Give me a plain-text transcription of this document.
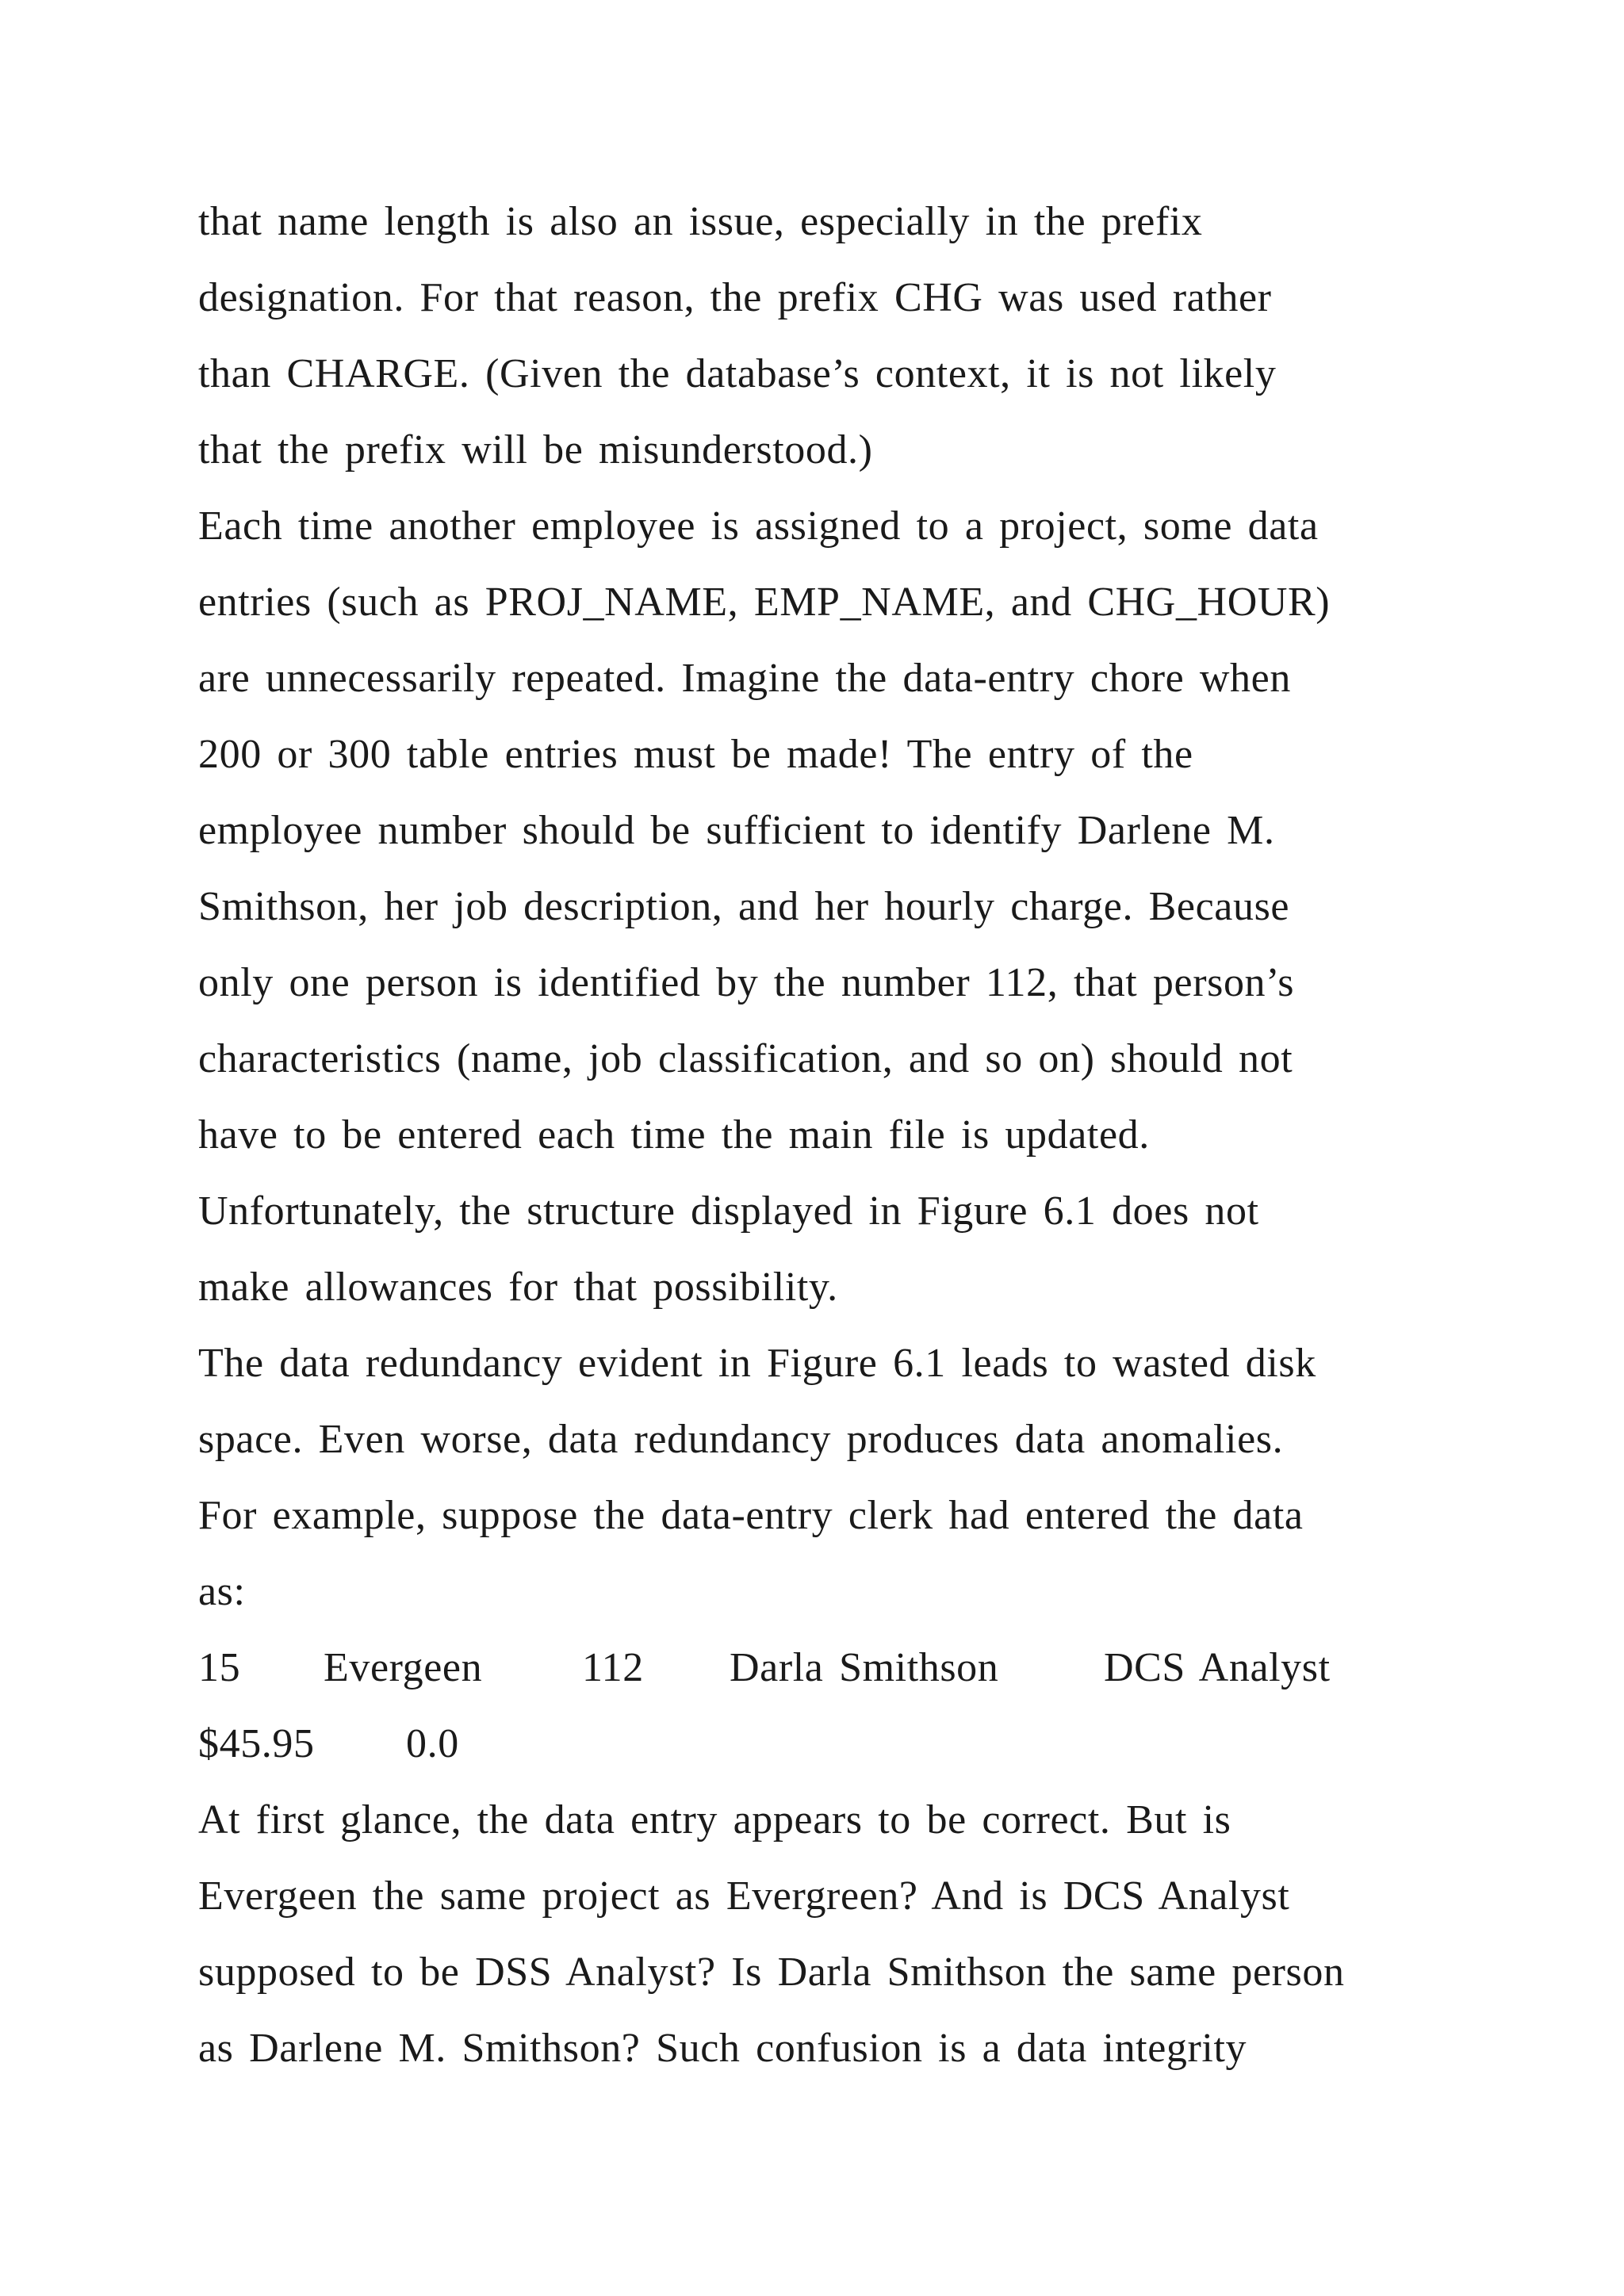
that name length is also an issue, especially in the prefix
designation. For that reason, the prefix CHG was used rather
than CHARGE. (Given the database’s context, it is not likely
that the prefix will be misunderstood.)
Each time another employee is assigned to a project, some data
entries (such as PROJ_NAME, EMP_NAME, and CHG_HOUR)
are unnecessarily repeated. Imagine the data-entry chore when
200 or 300 table entries must be made! The entry of the
employee number should be sufficient to identify Darlene M.
Smithson, her job description, and her hourly charge. Because
only one person is identified by the number 112, that person’s
characteristics (name, job classification, and so on) should not
have to be entered each time the main file is updated.
Unfortunately, the structure displayed in Figure 6.1 does not
make allowances for that possibility.
The data redundancy evident in Figure 6.1 leads to wasted disk
space. Even worse, data redundancy produces data anomalies.
For example, suppose the data-entry clerk had entered the data
as:
15 Evergeen 112 Darla Smithson	DCS Analyst
$45.95 0.0
At first glance, the data entry appears to be correct. But is
Evergeen the same project as Evergreen? And is DCS Analyst
supposed to be DSS Analyst? Is Darla Smithson the same person
as Darlene M. Smithson? Such confusion is a data integrity
